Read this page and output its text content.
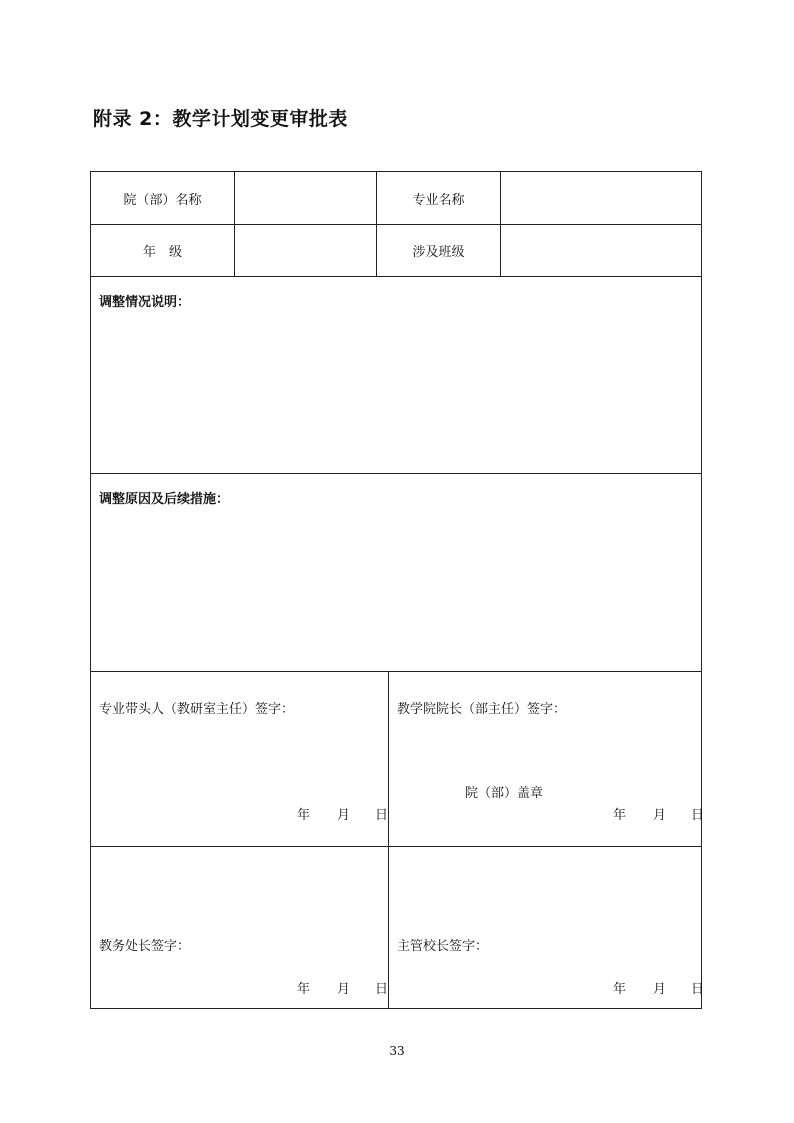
附录 2：教学计划变更审批表
院（部）名称	专业名称
年　级	涉及班级
调整情况说明：
调整原因及后续措施：
专业带头人（教研室主任）签字：
年	月	日
教学院院长（部主任）签字：
院（部）盖章
年	月	日
教务处长签字：
年	月	日
主管校长签字：
年	月	日
33
